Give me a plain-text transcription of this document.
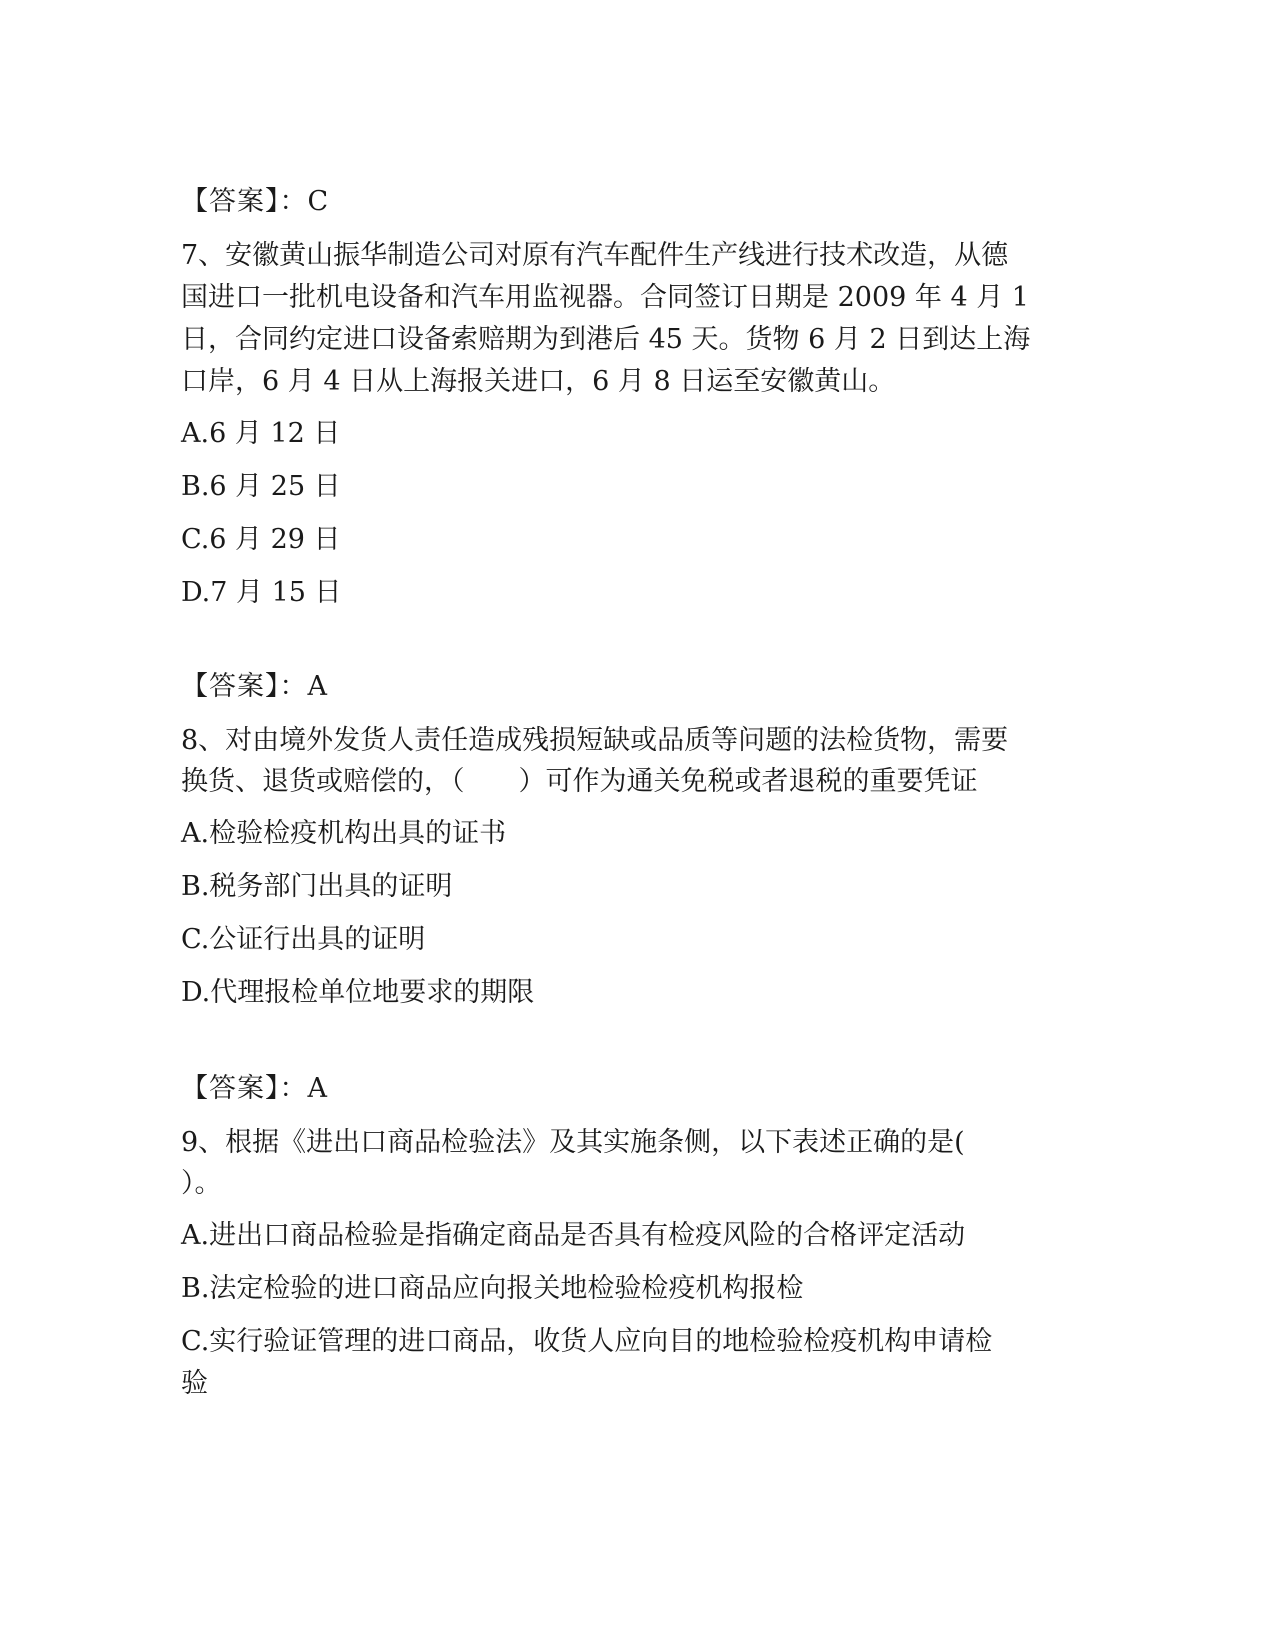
【答案】：C
7、安徽黄山振华制造公司对原有汽车配件生产线进行技术改造，从德
国进口一批机电设备和汽车用监视器。合同签订日期是 2009 年 4 月 1
日，合同约定进口设备索赔期为到港后 45 天。货物 6 月 2 日到达上海
口岸，6 月 4 日从上海报关进口，6 月 8 日运至安徽黄山。
A.6 月 12 日
B.6 月 25 日
C.6 月 29 日
D.7 月 15 日
【答案】：A
8、对由境外发货人责任造成残损短缺或品质等问题的法检货物，需要
换货、退货或赔偿的，（　　）可作为通关免税或者退税的重要凭证
A.检验检疫机构出具的证书
B.税务部门出具的证明
C.公证行出具的证明
D.代理报检单位地要求的期限
【答案】：A
9、根据《进出口商品检验法》及其实施条侧，以下表述正确的是(
）。
A.进出口商品检验是指确定商品是否具有检疫风险的合格评定活动
B.法定检验的进口商品应向报关地检验检疫机构报检
C.实行验证管理的进口商品，收货人应向目的地检验检疫机构申请检
验
